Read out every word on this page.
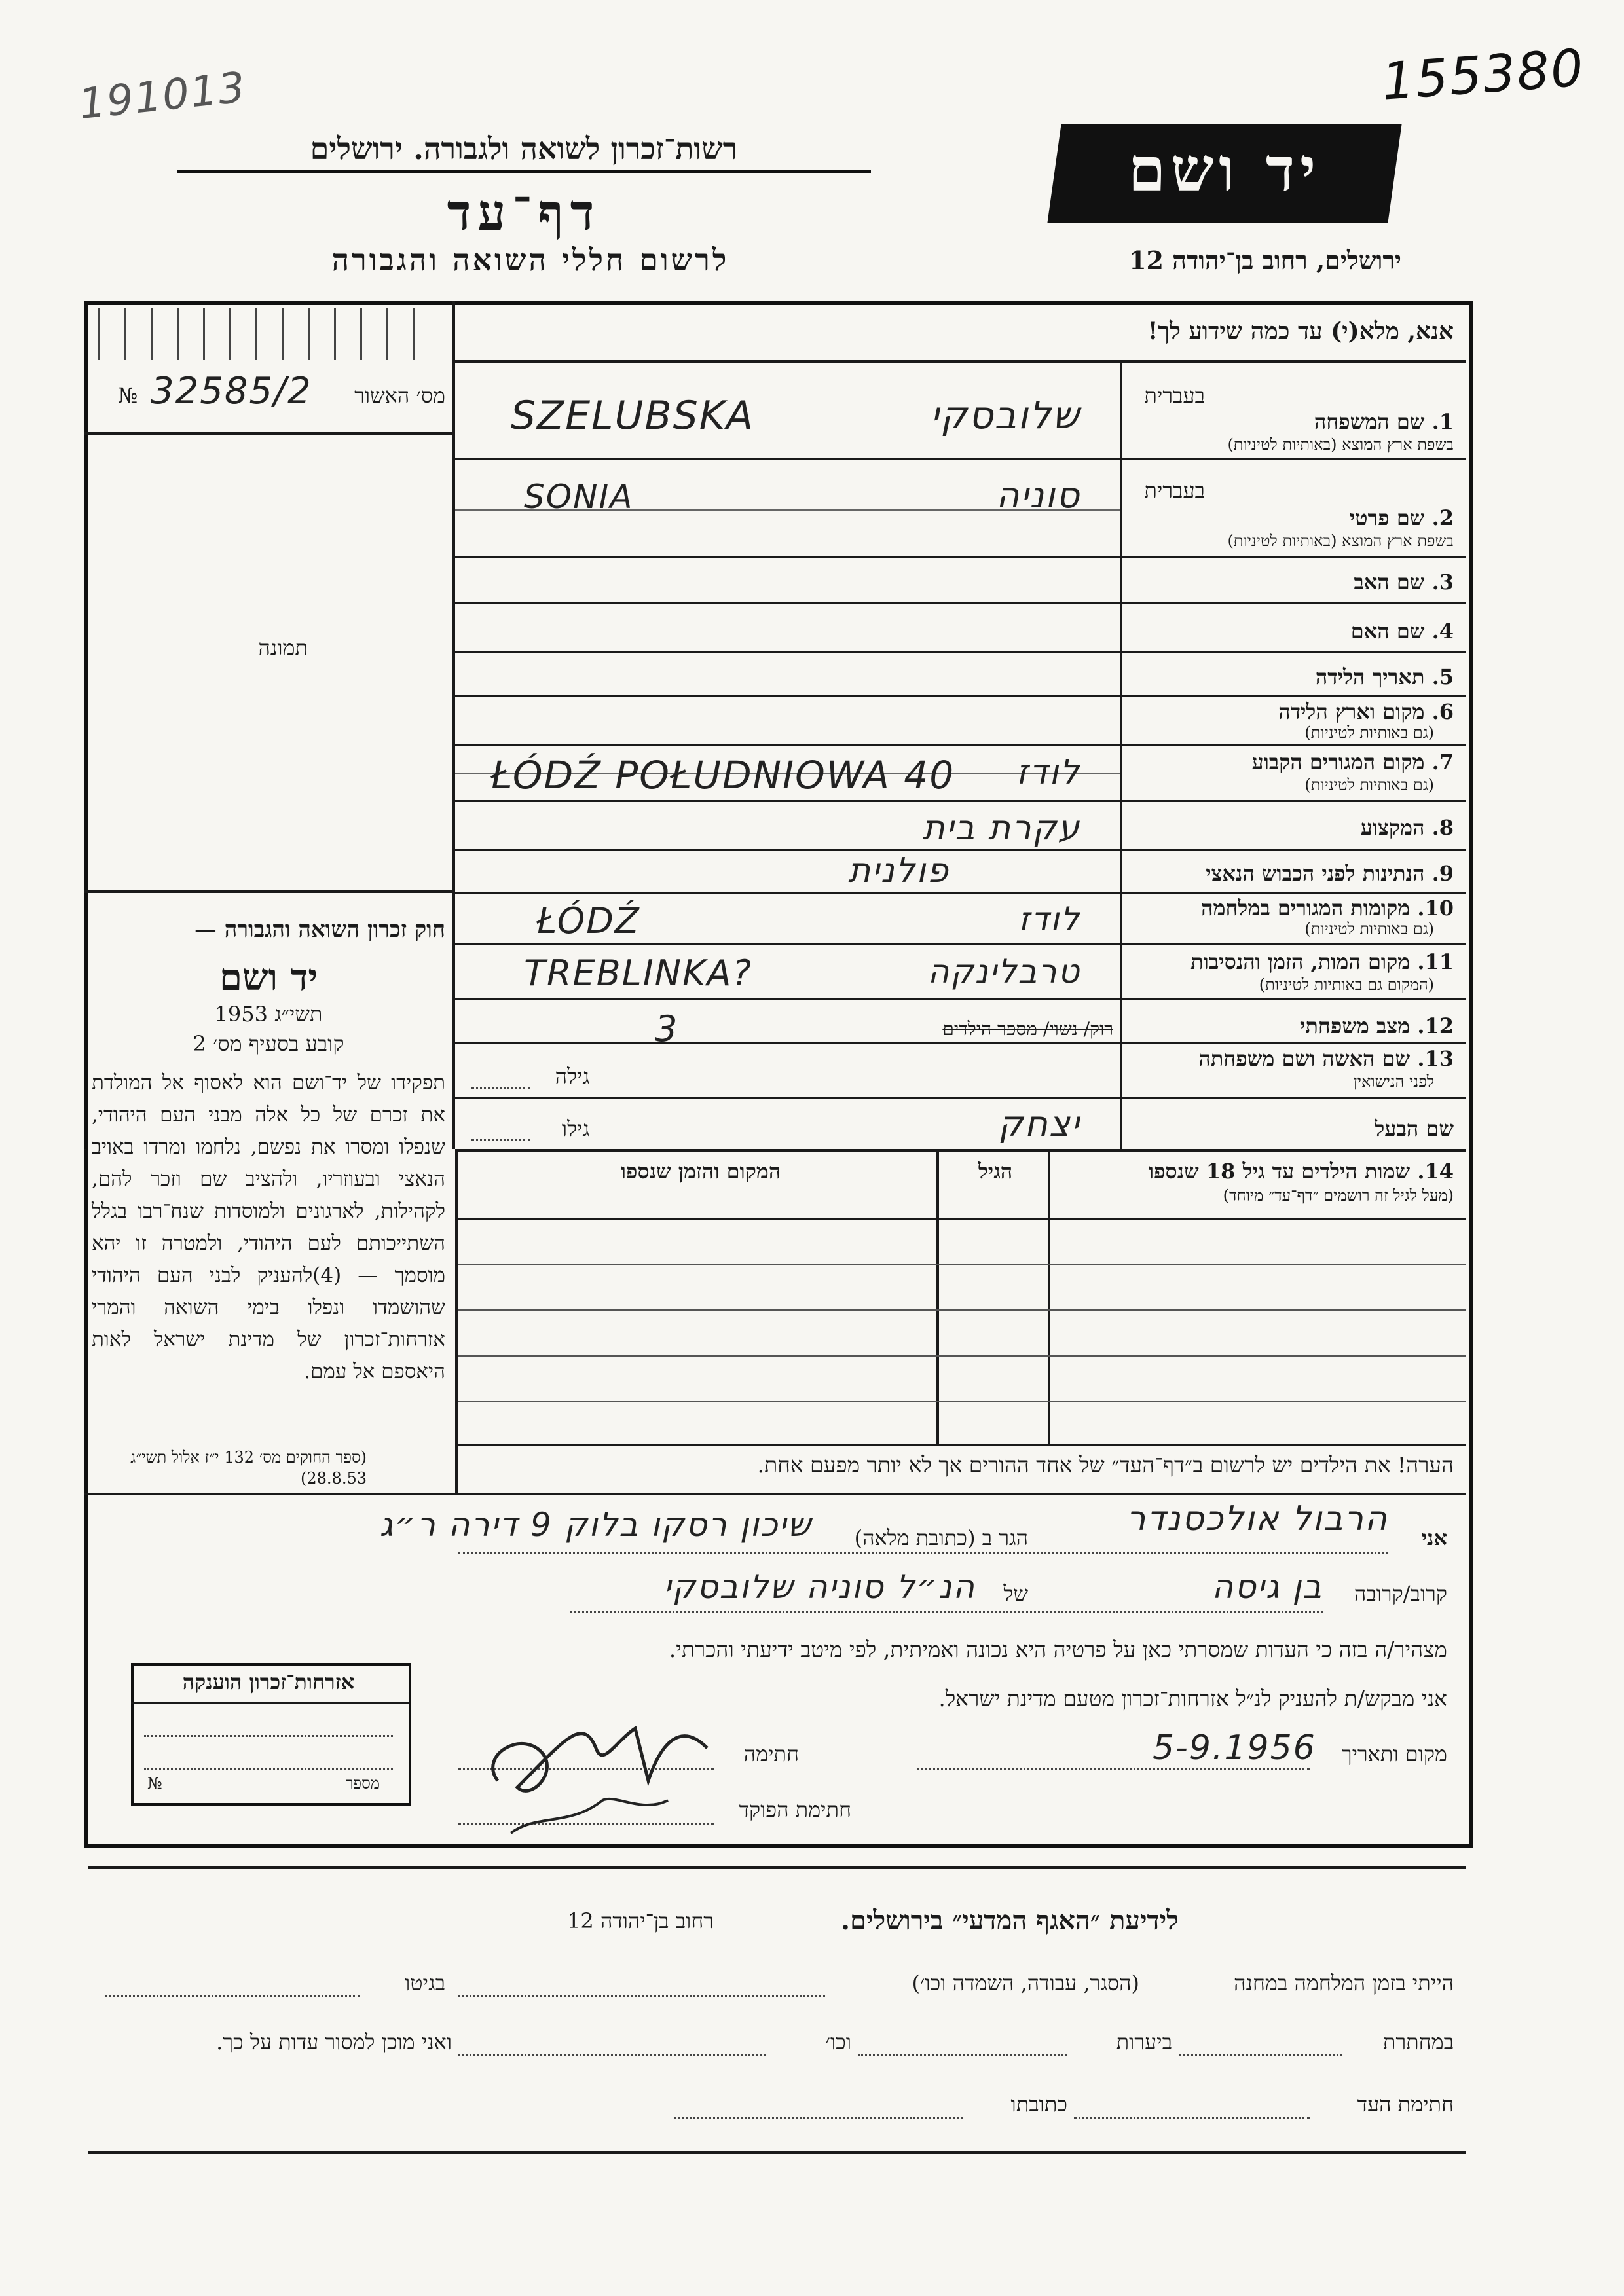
191013	155380
רשות־זכרון לשואה ולגבורה. ירושלים
דף־עד
לרשום חללי השואה והגבורה
יד ושם
ירושלים, רחוב בן־יהודה 12
מס׳ האשור
№ 32585/2
תמונה
חוק זכרון השואה והגבורה —
יד ושם
תשי״ג 1953
קובע בסעיף מס׳ 2
תפקידו של יד־ושם הוא לאסוף אל המולדת את זכרם של כל אלה מבני העם היהודי, שנפלו ומסרו את נפשם, נלחמו ומרדו באויב הנאצי ובעוזריו, ולהציב שם וזכר להם, לקהילות, לארגונים ולמוסדות שנח־רבו בגלל השתייכותם לעם היהודי, ולמטרה זו יהא מוסמך — (4)להעניק לבני העם היהודי שהושמדו ונפלו בימי השואה והמרי אזרחות־זכרון של מדינת ישראל לאות היאספם אל עמם.
(ספר החוקים מס׳ 132 י״ז אלול תשי״ג 28.8.53)
אנא, מלא(י) עד כמה שידוע לך!
בעברית
1. שם המשפחה
בשפת ארץ המוצא (באותיות לטיניות)
SZELUBSKA	שלובסקי
בעברית
2. שם פרטי
בשפת ארץ המוצא (באותיות לטיניות)
SONIA	סוניה
3. שם האב
4. שם האם
5. תאריך הלידה
6. מקום וארץ הלידה
(גם באותיות לטיניות)
7. מקום המגורים הקבוע
(גם באותיות לטיניות)
ŁÓDŹ POŁUDNIOWA 40	לודז
8. המקצוע
עקרת בית
9. הנתינות לפני הכבוש הנאצי
פולנית
10. מקומות המגורים במלחמה
(גם באותיות לטיניות)
ŁÓDŹ	לודז
11. מקום המות, הזמן והנסיבות
(המקום גם באותיות לטיניות)
TREBLINKA?	טרבלינקה
12. מצב משפחתי
רוק/ נשוי/ מספר הילדים
3
13. שם האשה ושם משפחתה
לפני הנישואין
גילה
שם הבעל
יצחק
גילו
14. שמות הילדים עד גיל 18 שנספו
(מעל לגיל זה רושמים ״דף־עד״ מיוחד)
הגיל
המקום והזמן שנספו
הערה! את הילדים יש לרשום ב״דף־העד״ של אחד ההורים אך לא יותר מפעם אחת.
אני
הרבול אולכסנדר
הגר ב (כתובת מלאה)
שיכון רסקו בלוק 9 דירה ר״ג
קרוב/קרובה
בן גיסה
של
הנ״ל סוניה שלובסקי
מצהיר/ה בזה כי העדות שמסרתי כאן על פרטיה היא נכונה ואמיתית, לפי מיטב ידיעתי והכרתי.
אני מבקש/ת להעניק לנ״ל אזרחות־זכרון מטעם מדינת ישראל.
מקום ותאריך
5-9.1956
חתימה
חתימת הפוקד
אזרחות־זכרון הוענקה
מספר
№
לידיעת ״האגף המדעי״ בירושלים.
רחוב בן־יהודה 12
הייתי בזמן המלחמה במחנה
(הסגר, עבודה, השמדה וכו׳)
בגיטו
במחתרת
ביערות
וכו׳
ואני מוכן למסור עדות על כך.
חתימת העד
כתובתו
